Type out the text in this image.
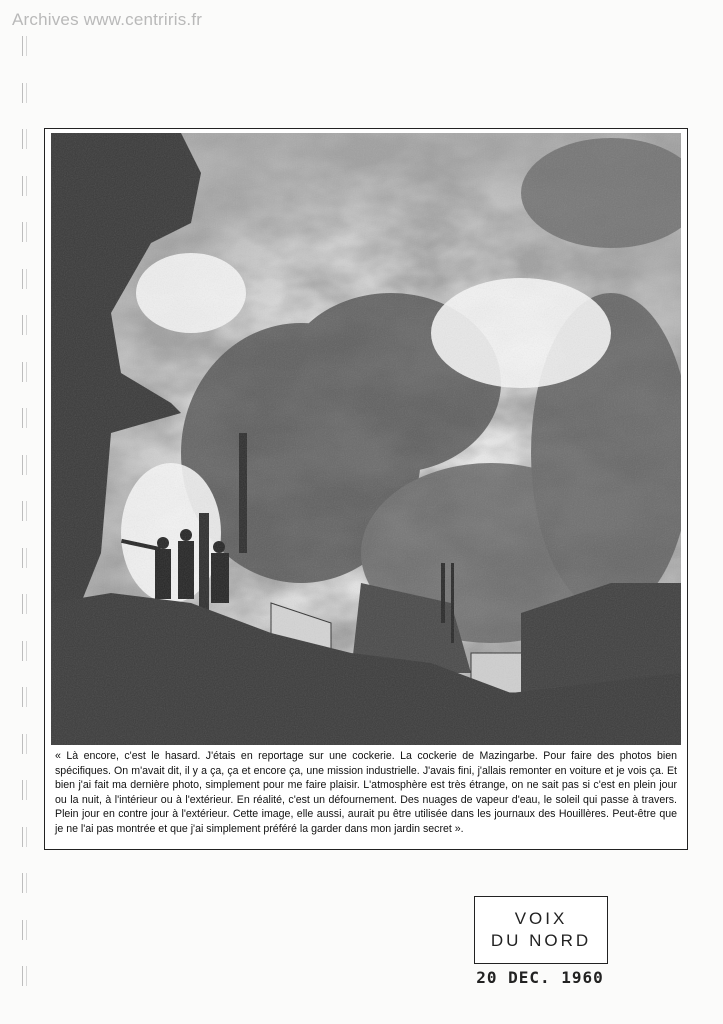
Archives www.centriris.fr
« Là encore, c'est le hasard. J'étais en reportage sur une cockerie. La cockerie de Mazingarbe. Pour faire des photos bien spécifiques. On m'avait dit, il y a ça, ça et encore ça, une mission industrielle. J'avais fini, j'allais remonter en voiture et je vois ça. Et bien j'ai fait ma dernière photo, simplement pour me faire plaisir. L'atmosphère est très étrange, on ne sait pas si c'est en plein jour ou la nuit, à l'intérieur ou à l'extérieur. En réalité, c'est un défournement. Des nuages de vapeur d'eau, le soleil qui passe à travers. Plein jour en contre jour à l'extérieur. Cette image, elle aussi, aurait pu être utilisée dans les journaux des Houillères. Peut-être que je ne l'ai pas montrée et que j'ai simplement préféré la garder dans mon jardin secret ».
VOIX
DU NORD
20 DEC. 1960
